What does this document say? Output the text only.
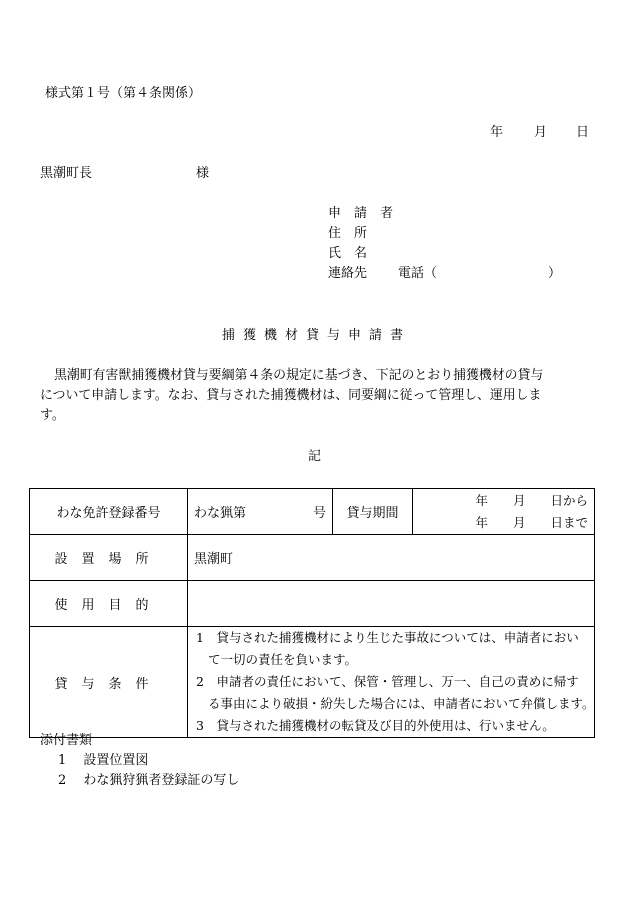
様式第１号（第４条関係）
年 月 日
黒潮町長	様
申　請　者
住　所
氏　名
連絡先 電話（	）
捕獲機材貸与申請書
黒潮町有害獣捕獲機材貸与要綱第４条の規定に基づき、下記のとおり捕獲機材の貸与
について申請します。なお、貸与された捕獲機材は、同要綱に従って管理し、運用しま
す。
記
わな免許登録番号	わな猟第 号	貸与期間	年　　月　　日から
年　　月　　日まで

設置場所	黒潮町		
使用目的			
貸与条件	1　 貸与された捕獲機材により生じた事故については、申請者におい
て一切の責任を負います。
2　 申請者の責任において、保管・管理し、万一、自己の責めに帰す
る事由により破損・紛失した場合には、申請者において弁償します。
3　 貸与された捕獲機材の転貸及び目的外使用は、行いません。		
添付書類
1　 設置位置図
2　 わな猟狩猟者登録証の写し
